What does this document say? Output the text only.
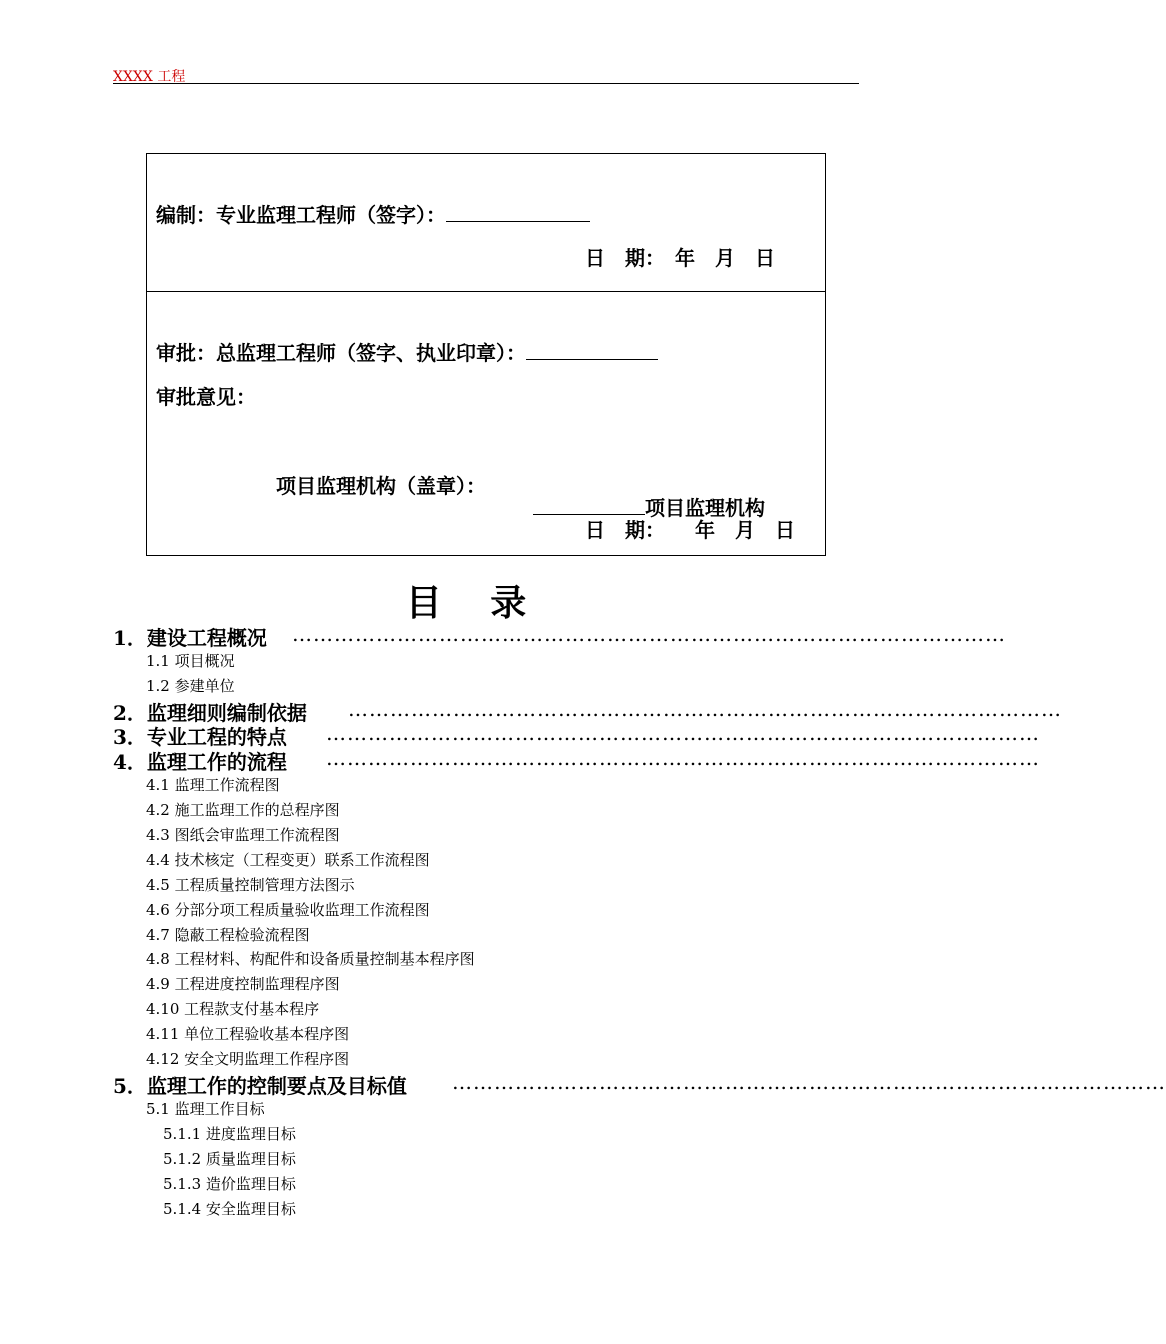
XXXX 工程
编制：专业监理工程师（签字）：
日　期：　年　月　日
审批：总监理工程师（签字、执业印章）：
审批意见：
项目监理机构（盖章）：
项目监理机构
日　期：　　年　月　日
目 录
1．建设工程概况 …………………………………………………………………………………………
1.1 项目概况
1.2 参建单位
2．监理细则编制依据 …………………………………………………………………………………………
3．专业工程的特点 …………………………………………………………………………………………
4．监理工作的流程 …………………………………………………………………………………………
4.1 监理工作流程图
4.2 施工监理工作的总程序图
4.3 图纸会审监理工作流程图
4.4 技术核定（工程变更）联系工作流程图
4.5 工程质量控制管理方法图示
4.6 分部分项工程质量验收监理工作流程图
4.7 隐蔽工程检验流程图
4.8 工程材料、构配件和设备质量控制基本程序图
4.9 工程进度控制监理程序图
4.10 工程款支付基本程序
4.11 单位工程验收基本程序图
4.12 安全文明监理工作程序图
5．监理工作的控制要点及目标值 …………………………………………………………………………………………
5.1 监理工作目标
5.1.1 进度监理目标
5.1.2 质量监理目标
5.1.3 造价监理目标
5.1.4 安全监理目标
